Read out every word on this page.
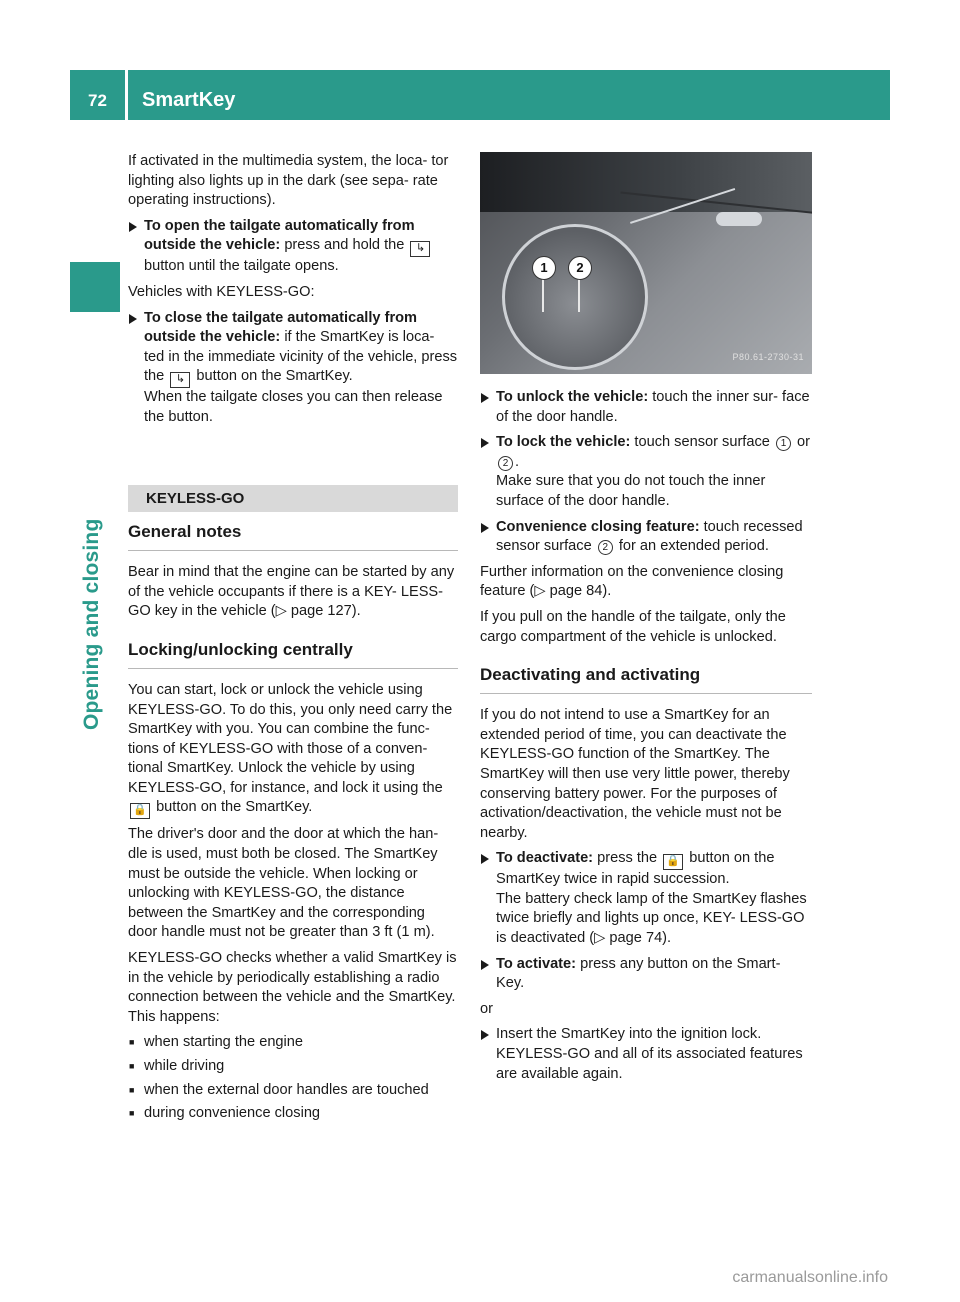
72 SmartKey
Opening and closing

If activated in the multimedia system, the loca- tor lighting also lights up in the dark (see sepa- rate operating instructions).

To open the tailgate automatically from outside the vehicle: press and hold the ↳ button until the tailgate opens.

Vehicles with KEYLESS-GO:

To close the tailgate automatically from outside the vehicle: if the SmartKey is loca- ted in the immediate vicinity of the vehicle, press the ↳ button on the SmartKey.
When the tailgate closes you can then release the button.
KEYLESS-GO
General notes

Bear in mind that the engine can be started by any of the vehicle occupants if there is a KEY- LESS-GO key in the vehicle (▷ page 127).

Locking/unlocking centrally

You can start, lock or unlock the vehicle using KEYLESS-GO. To do this, you only need carry the SmartKey with you. You can combine the func- tions of KEYLESS-GO with those of a conven- tional SmartKey. Unlock the vehicle by using KEYLESS-GO, for instance, and lock it using the 🔒 button on the SmartKey.

The driver's door and the door at which the han- dle is used, must both be closed. The SmartKey must be outside the vehicle. When locking or unlocking with KEYLESS-GO, the distance between the SmartKey and the corresponding door handle must not be greater than 3 ft (1 m).

KEYLESS-GO checks whether a valid SmartKey is in the vehicle by periodically establishing a radio connection between the vehicle and the SmartKey. This happens:

■ when starting the engine
■ while driving
■ when the external door handles are touched
■ during convenience closing
1	2
P80.61-2730-31
To unlock the vehicle: touch the inner sur- face of the door handle.
To lock the vehicle: touch sensor surface 1 or 2 .
Make sure that you do not touch the inner surface of the door handle.
Convenience closing feature: touch recessed sensor surface 2 for an extended period.

Further information on the convenience closing feature (▷ page 84).

If you pull on the handle of the tailgate, only the cargo compartment of the vehicle is unlocked.

Deactivating and activating

If you do not intend to use a SmartKey for an extended period of time, you can deactivate the KEYLESS-GO function of the SmartKey. The SmartKey will then use very little power, thereby conserving battery power. For the purposes of activation/deactivation, the vehicle must not be nearby.

To deactivate: press the 🔒 button on the SmartKey twice in rapid succession.
The battery check lamp of the SmartKey flashes twice briefly and lights up once, KEY- LESS-GO is deactivated (▷ page 74).
To activate: press any button on the Smart- Key.

or

Insert the SmartKey into the ignition lock.
KEYLESS-GO and all of its associated features are available again.
carmanualsonline.info
